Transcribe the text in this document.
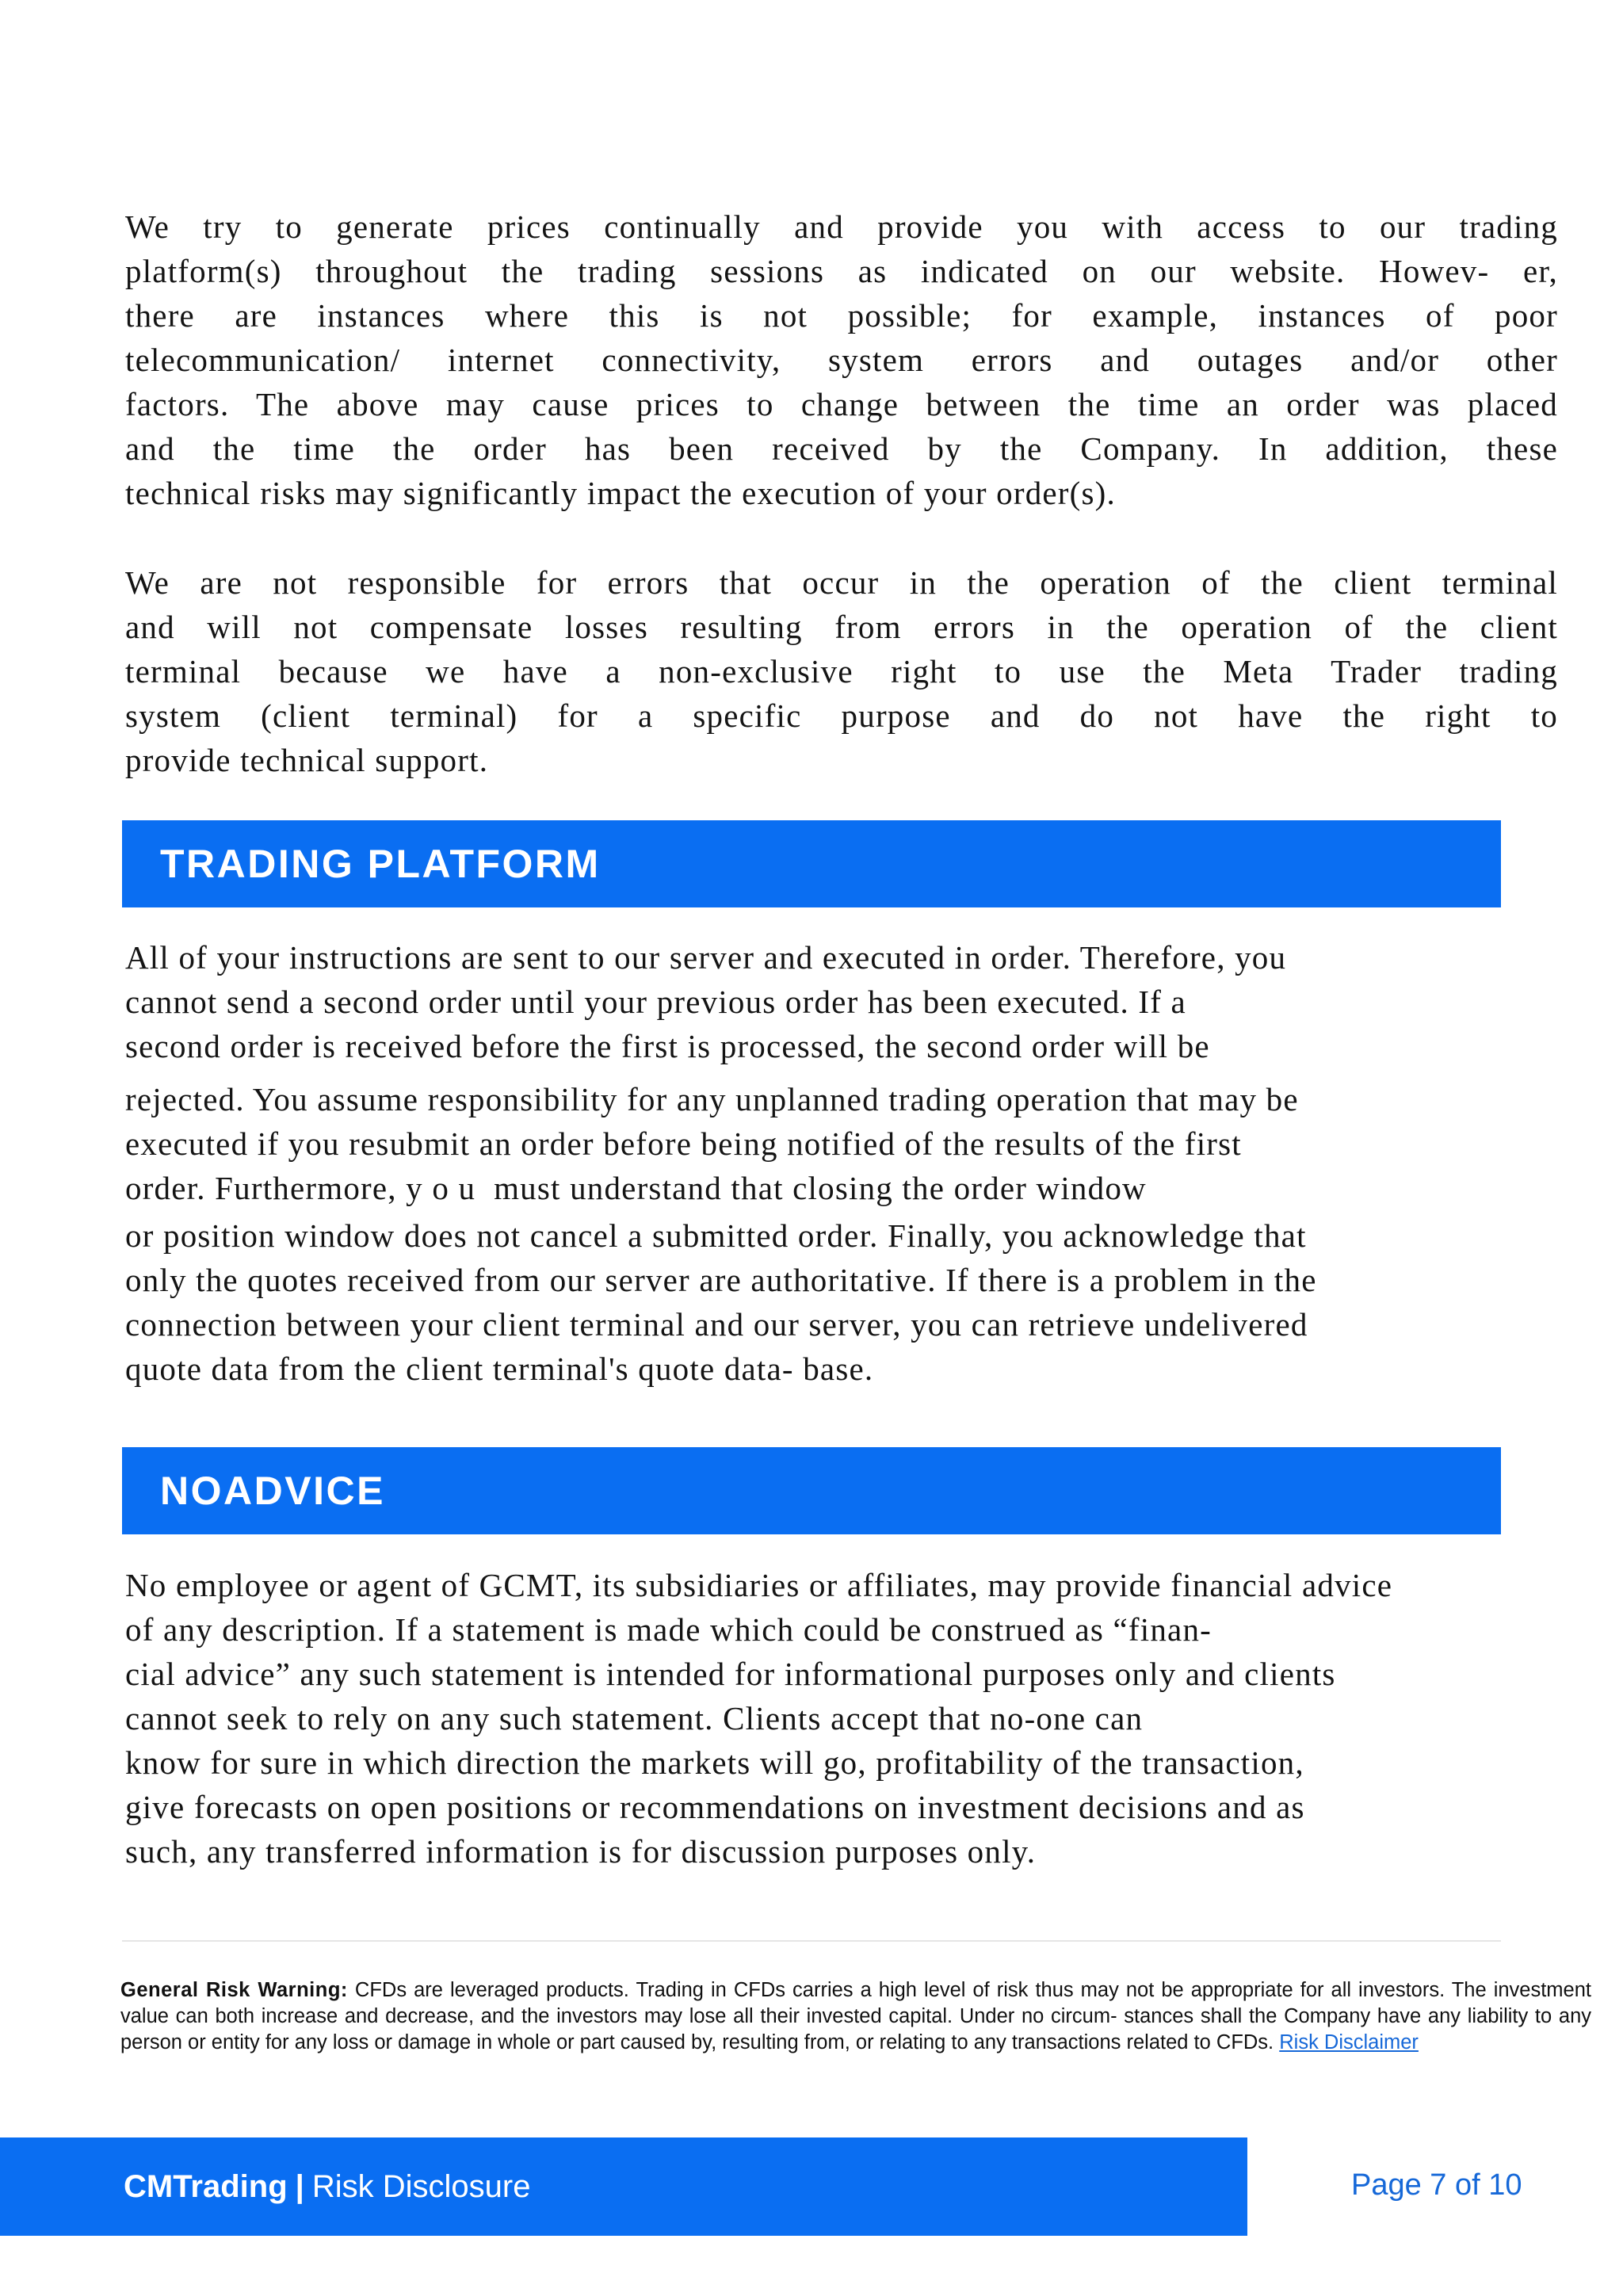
We try to generate prices continually and provide you with access to our trading
platform(s) throughout the trading sessions as indicated on our website. Howev- er,
there are instances where this is not possible; for example, instances of poor
telecommunication/ internet connectivity, system errors and outages and/or other
factors. The above may cause prices to change between the time an order was placed
and the time the order has been received by the Company. In addition, these
technical risks may significantly impact the execution of your order(s).

We are not responsible for errors that occur in the operation of the client terminal
and will not compensate losses resulting from errors in the operation of the client
terminal because we have a non-exclusive right to use the Meta Trader trading
system (client terminal) for a specific purpose and do not have the right to
provide technical support.

TRADING PLATFORM

All of your instructions are sent to our server and executed in order. Therefore, you
cannot send a second order until your previous order has been executed. If a
second order is received before the first is processed, the second order will be
rejected. You assume responsibility for any unplanned trading operation that may be
executed if you resubmit an order before being notified of the results of the first
order. Furthermore, y o u  must understand that closing the order window
or position window does not cancel a submitted order. Finally, you acknowledge that
only the quotes received from our server are authoritative. If there is a problem in the
connection between your client terminal and our server, you can retrieve undelivered
quote data from the client terminal's quote data- base.

NOADVICE

No employee or agent of GCMT, its subsidiaries or affiliates, may provide financial advice
of any description. If a statement is made which could be construed as “finan-
cial advice” any such statement is intended for informational purposes only and clients
cannot seek to rely on any such statement. Clients accept that no-one can
know for sure in which direction the markets will go, profitability of the transaction,
give forecasts on open positions or recommendations on investment decisions and as
such, any transferred information is for discussion purposes only.

General Risk Warning: CFDs are leveraged products. Trading in CFDs carries a high level of risk thus may not be appropriate for all investors. The investment value can both increase and decrease, and the investors may lose all their invested capital. Under no circum- stances shall the Company have any liability to any person or entity for any loss or damage in whole or part caused by, resulting from, or relating to any transactions related to CFDs. Risk Disclaimer
CMTrading | Risk Disclosure	Page 7 of 10
